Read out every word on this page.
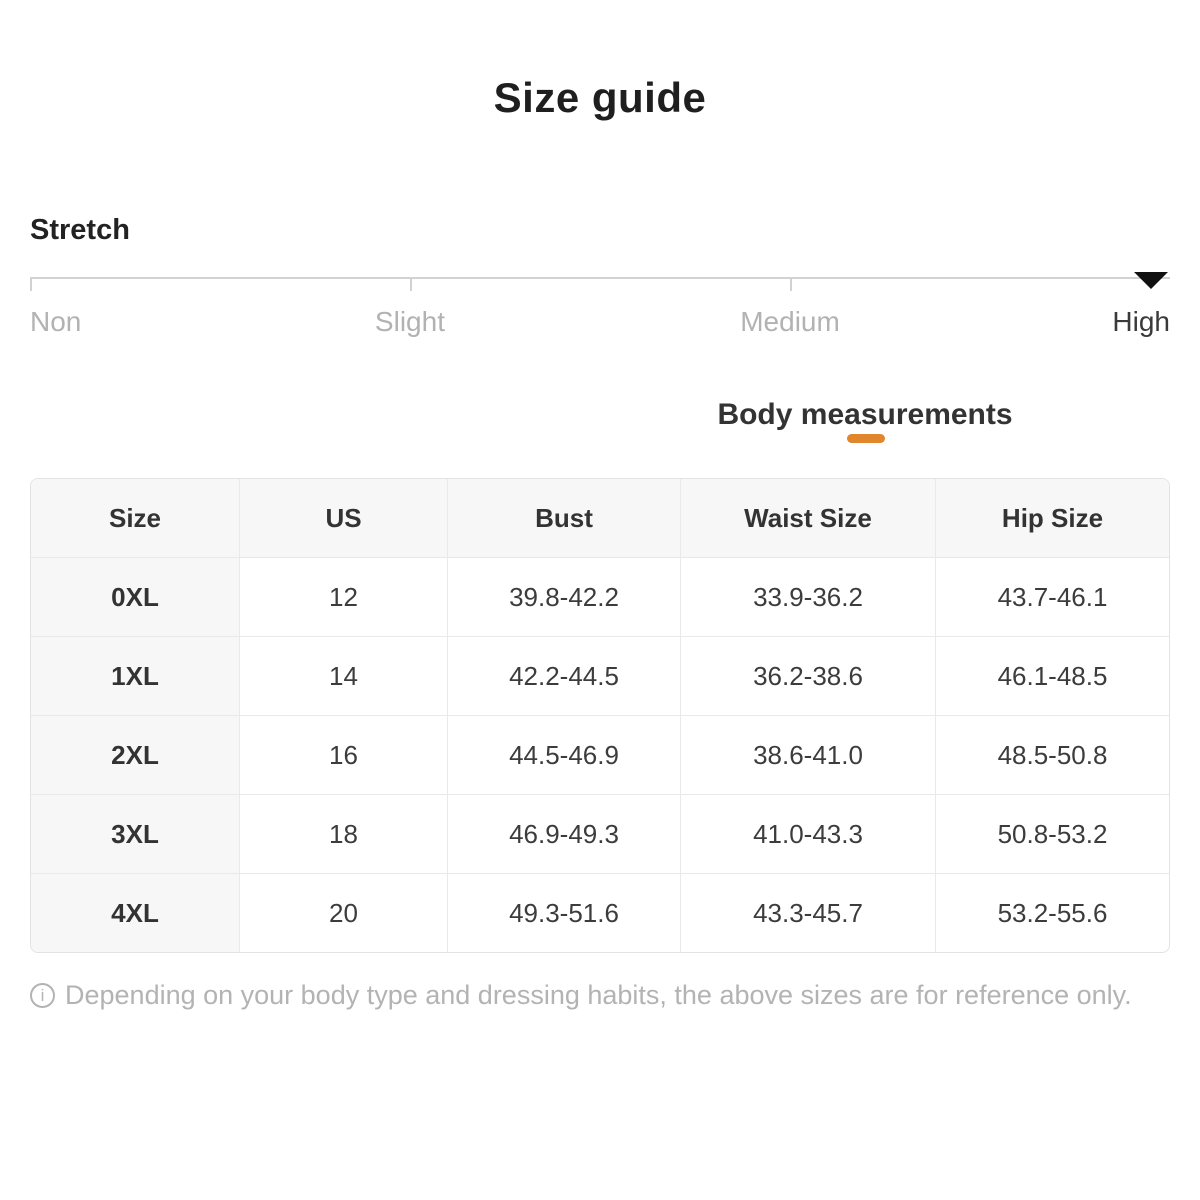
Size guide
Stretch
Non	Slight	Medium	High
Body measurements
Size	US	Bust	Waist Size	Hip Size
0XL	12	39.8-42.2	33.9-36.2	43.7-46.1
1XL	14	42.2-44.5	36.2-38.6	46.1-48.5
2XL	16	44.5-46.9	38.6-41.0	48.5-50.8
3XL	18	46.9-49.3	41.0-43.3	50.8-53.2
4XL	20	49.3-51.6	43.3-45.7	53.2-55.6
i
Depending on your body type and dressing habits, the above sizes are for reference only.
